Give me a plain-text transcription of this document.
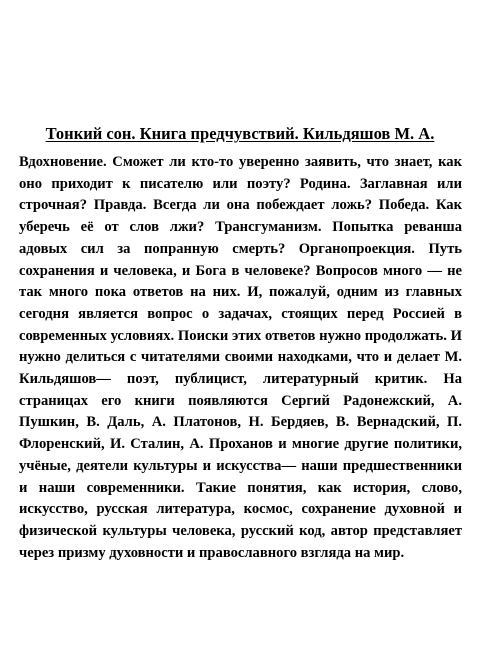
Тонкий сон. Книга предчувствий. Кильдяшов М. А.

Вдохновение. Сможет ли кто-то уверенно заявить, что знает, как оно приходит к писателю или поэту? Родина. Заглавная или строчная? Правда. Всегда ли она побеждает ложь? Победа. Как уберечь её от слов лжи? Трансгуманизм. Попытка реванша адовых сил за попранную смерть? Органопроекция. Путь сохранения и человека, и Бога в человеке? Вопросов много — не так много пока ответов на них. И, пожалуй, одним из главных сегодня является вопрос о задачах, стоящих перед Россией в современных условиях. Поиски этих ответов нужно продолжать. И нужно делиться с читателями своими находками, что и делает М. Кильдяшов— поэт, публицист, литературный критик. На страницах его книги появляются Сергий Радонежский, А. Пушкин, В. Даль, А. Платонов, Н. Бердяев, В. Вернадский, П. Флоренский, И. Сталин, А. Проханов и многие другие политики, учёные, деятели культуры и искусства— наши предшественники и наши современники. Такие понятия, как история, слово, искусство, русская литература, космос, сохранение духовной и физической культуры человека, русский код, автор представляет через призму духовности и православного взгляда на мир.
